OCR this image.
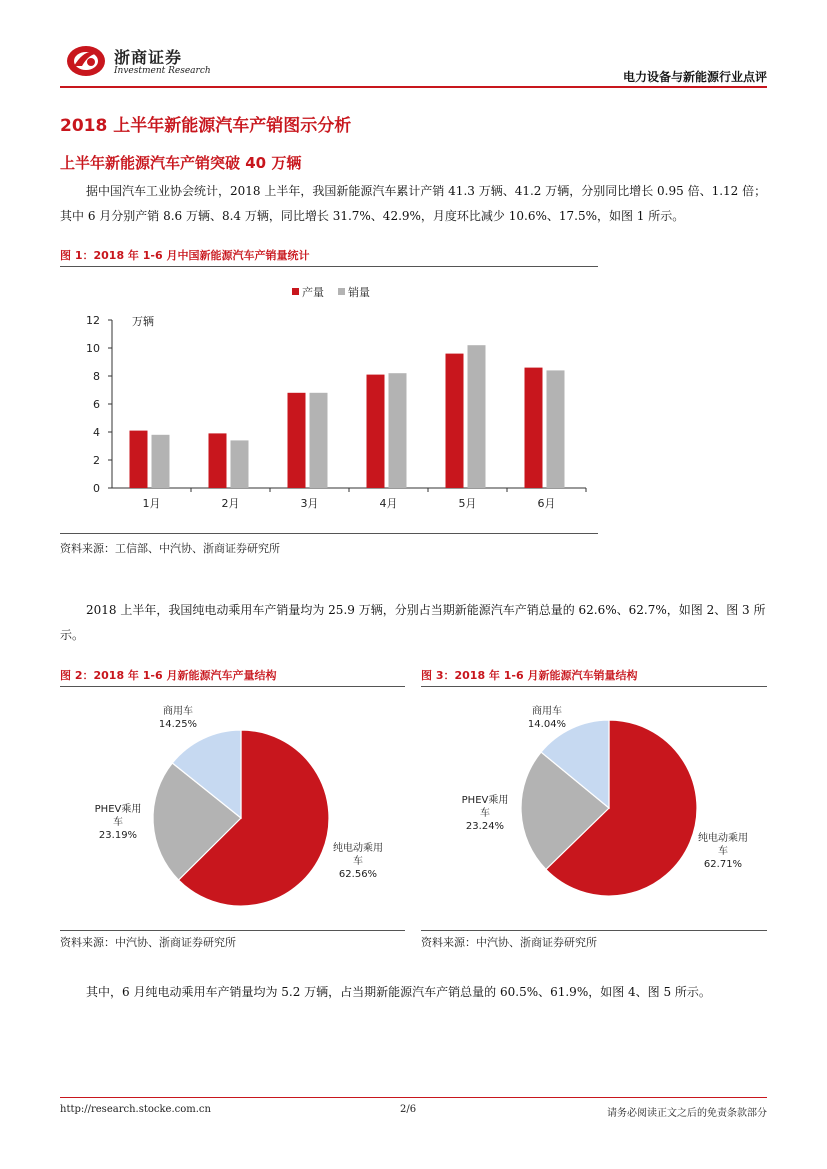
浙商证券
Investment Research	电力设备与新能源行业点评
2018 上半年新能源汽车产销图示分析
上半年新能源汽车产销突破 40 万辆
据中国汽车工业协会统计，2018 上半年，我国新能源汽车累计产销 41.3 万辆、41.2 万辆，分别同比增长 0.95 倍、1.12 倍；其中 6 月分别产销 8.6 万辆、8.4 万辆，同比增长 31.7%、42.9%，月度环比减少 10.6%、17.5%，如图 1 所示。
图 1：2018 年 1-6 月中国新能源汽车产销量统计
产量 销量
万辆
1月	2月	3月	4月	5月	6月
0
2
4
6
8
10
12
资料来源：工信部、中汽协、浙商证券研究所
2018 上半年，我国纯电动乘用车产销量均为 25.9 万辆，分别占当期新能源汽车产销总量的 62.6%、62.7%，如图 2、图 3 所示。
图 2：2018 年 1-6 月新能源汽车产量结构
纯电动乘用
车
62.56%
PHEV乘用
车
23.19%
商用车
14.25%
资料来源：中汽协、浙商证券研究所
图 3：2018 年 1-6 月新能源汽车销量结构
纯电动乘用
车
62.71%
PHEV乘用
车
23.24%
商用车
14.04%
资料来源：中汽协、浙商证券研究所
其中，6 月纯电动乘用车产销量均为 5.2 万辆，占当期新能源汽车产销总量的 60.5%、61.9%，如图 4、图 5 所示。
http://research.stocke.com.cn	2/6	请务必阅读正文之后的免责条款部分
